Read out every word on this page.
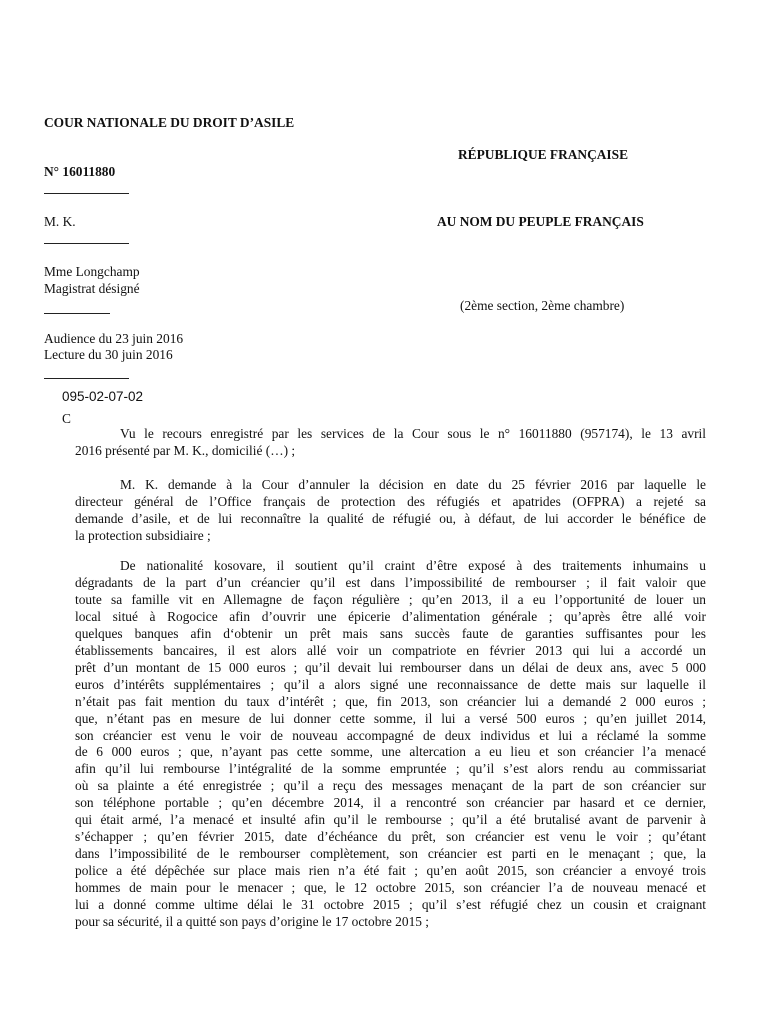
COUR NATIONALE DU DROIT D’ASILE
RÉPUBLIQUE FRANÇAISE
N° 16011880
M. K.	AU NOM DU PEUPLE FRANÇAIS
Mme Longchamp
Magistrat désigné
(2ème section, 2ème chambre)
Audience du 23 juin 2016
Lecture du 30 juin 2016
095-02-07-02
C
Vu le recours enregistré par les services de la Cour sous le n° 16011880 (957174), le 13 avril
2016 présenté par M. K., domicilié (…) ;
M. K. demande à la Cour d’annuler la décision en date du 25 février 2016 par laquelle le
directeur général de l’Office français de protection des réfugiés et apatrides (OFPRA) a rejeté sa
demande d’asile, et de lui reconnaître la qualité de réfugié ou, à défaut, de lui accorder le bénéfice de
la protection subsidiaire ;
De nationalité kosovare, il soutient qu’il craint d’être exposé à des traitements inhumains u
dégradants de la part d’un créancier qu’il est dans l’impossibilité de rembourser ; il fait valoir que
toute sa famille vit en Allemagne de façon régulière ; qu’en 2013, il a eu l’opportunité de louer un
local situé à Rogocice afin d’ouvrir une épicerie d’alimentation générale ; qu’après être allé voir
quelques banques afin d‘obtenir un prêt mais sans succès faute de garanties suffisantes pour les
établissements bancaires, il est alors allé voir un compatriote en février 2013 qui lui a accordé un
prêt d’un montant de 15 000 euros ; qu’il devait lui rembourser dans un délai de deux ans, avec 5 000
euros d’intérêts supplémentaires ; qu’il a alors signé une reconnaissance de dette mais sur laquelle il
n’était pas fait mention du taux d’intérêt ; que, fin 2013, son créancier lui a demandé 2 000 euros ;
que, n’étant pas en mesure de lui donner cette somme, il lui a versé 500 euros ; qu’en juillet 2014,
son créancier est venu le voir de nouveau accompagné de deux individus et lui a réclamé la somme
de 6 000 euros ; que, n’ayant pas cette somme, une altercation a eu lieu et son créancier l’a menacé
afin qu’il lui rembourse l’intégralité de la somme empruntée ; qu’il s’est alors rendu au commissariat
où sa plainte a été enregistrée ; qu’il a reçu des messages menaçant de la part de son créancier sur
son téléphone portable ; qu’en décembre 2014, il a rencontré son créancier par hasard et ce dernier,
qui était armé, l’a menacé et insulté afin qu’il le rembourse ; qu’il a été brutalisé avant de parvenir à
s’échapper ; qu’en février 2015, date d’échéance du prêt, son créancier est venu le voir ; qu’étant
dans l’impossibilité de le rembourser complètement, son créancier est parti en le menaçant ; que, la
police a été dépêchée sur place mais rien n’a été fait ; qu’en août 2015, son créancier a envoyé trois
hommes de main pour le menacer ; que, le 12 octobre 2015, son créancier l’a de nouveau menacé et
lui a donné comme ultime délai le 31 octobre 2015 ; qu’il s’est réfugié chez un cousin et craignant
pour sa sécurité, il a quitté son pays d’origine le 17 octobre 2015 ;
